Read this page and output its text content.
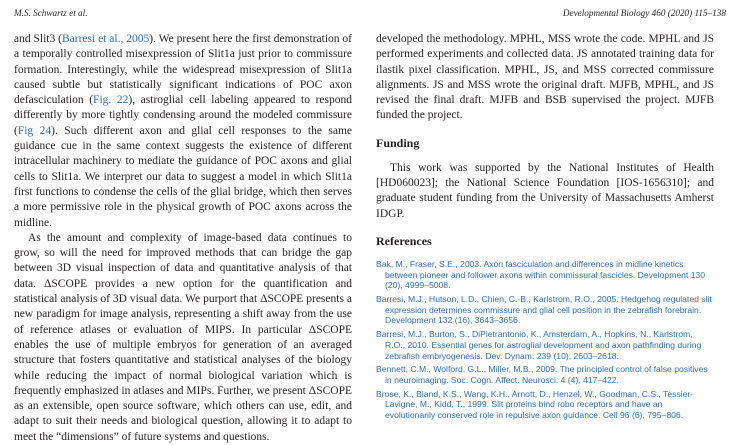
M.S. Schwartz et al.	Developmental Biology 460 (2020) 115–138

and Slit3 (Barresi et al., 2005). We present here the first demonstration of a temporally controlled misexpression of Slit1a just prior to commissure formation. Interestingly, while the widespread misexpression of Slit1a caused subtle but statistically significant indications of POC axon defasciculation (Fig. 22), astroglial cell labeling appeared to respond differently by more tightly condensing around the modeled commissure (Fig 24). Such different axon and glial cell responses to the same guidance cue in the same context suggests the existence of different intracellular machinery to mediate the guidance of POC axons and glial cells to Slit1a. We interpret our data to suggest a model in which Slit1a first functions to condense the cells of the glial bridge, which then serves a more permissive role in the physical growth of POC axons across the midline.

As the amount and complexity of image-based data continues to grow, so will the need for improved methods that can bridge the gap between 3D visual inspection of data and quantitative analysis of that data. ΔSCOPE provides a new option for the quantification and statistical analysis of 3D visual data. We purport that ΔSCOPE presents a new paradigm for image analysis, representing a shift away from the use of reference atlases or evaluation of MIPS. In particular ΔSCOPE enables the use of multiple embryos for generation of an averaged structure that fosters quantitative and statistical analyses of the biology while reducing the impact of normal biological variation which is frequently emphasized in atlases and MIPs. Further, we present ΔSCOPE as an extensible, open source software, which others can use, edit, and adapt to suit their needs and biological question, allowing it to adapt to meet the “dimensions” of future systems and questions.

developed the methodology. MPHL, MSS wrote the code. MPHL and JS performed experiments and collected data. JS annotated training data for ilastik pixel classification. MPHL, JS, and MSS corrected commissure alignments. JS and MSS wrote the original draft. MJFB, MPHL, and JS revised the final draft. MJFB and BSB supervised the project. MJFB funded the project.

Funding

This work was supported by the National Institutes of Health [HD060023]; the National Science Foundation [IOS-1656310]; and graduate student funding from the University of Massachusetts Amherst IDGP.

References
Bak, M., Fraser, S.E., 2003. Axon fasciculation and differences in midline kinetics between pioneer and follower axons within commissural fascicles. Development 130 (20), 4999–5008.
Barresi, M.J., Hutson, L.D., Chien, C.-B., Karlstrom, R.O., 2005. Hedgehog regulated slit expression determines commissure and glial cell position in the zebrafish forebrain. Development 132 (16), 3643–3656.
Barresi, M.J., Burton, S., DiPietrantonio, K., Amsterdam, A., Hopkins, N., Karlstrom, R.O., 2010. Essential genes for astroglial development and axon pathfinding during zebrafish embryogenesis. Dev. Dynam. 239 (10), 2603–2618.
Bennett, C.M., Wolford, G.L., Miller, M.B., 2009. The principled control of false positives in neuroimaging. Soc. Cogn. Affect. Neurosci. 4 (4), 417–422.
Brose, K., Bland, K.S., Wang, K.H., Arnott, D., Henzel, W., Goodman, C.S., Tessier-Lavigne, M., Kidd, T., 1999. Slit proteins bind robo receptors and have an evolutionarily conserved role in repulsive axon guidance. Cell 96 (6), 795–806.
